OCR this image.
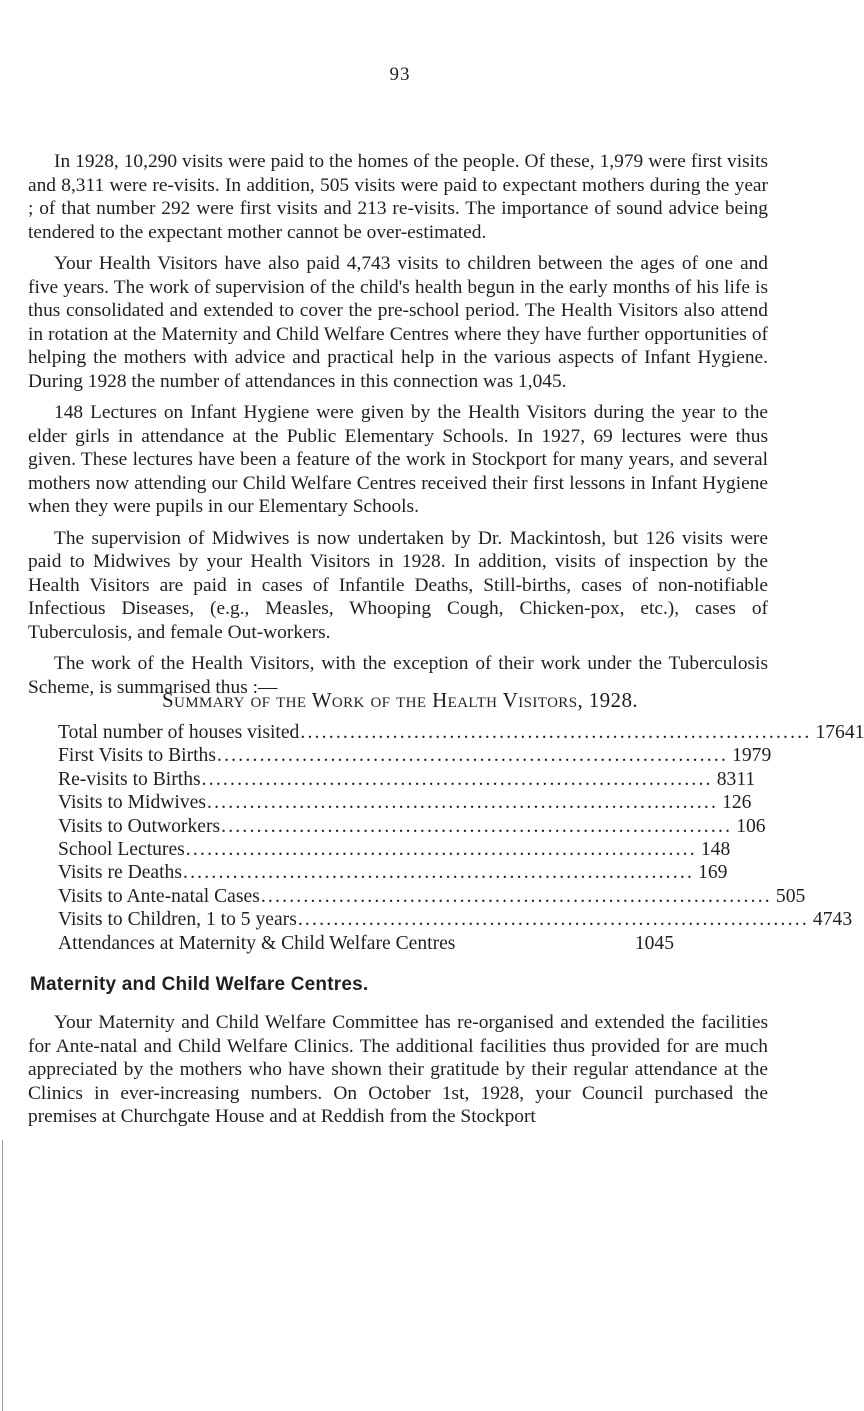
93

In 1928, 10,290 visits were paid to the homes of the people. Of these, 1,979 were first visits and 8,311 were re-visits. In addition, 505 visits were paid to expectant mothers during the year ; of that number 292 were first visits and 213 re-visits. The importance of sound advice being tendered to the expectant mother cannot be over-estimated.

Your Health Visitors have also paid 4,743 visits to children between the ages of one and five years. The work of supervision of the child's health begun in the early months of his life is thus consolidated and extended to cover the pre-school period. The Health Visitors also attend in rotation at the Maternity and Child Welfare Centres where they have further opportunities of helping the mothers with advice and practical help in the various aspects of Infant Hygiene. During 1928 the number of attendances in this connection was 1,045.

148 Lectures on Infant Hygiene were given by the Health Visitors during the year to the elder girls in attendance at the Public Elementary Schools. In 1927, 69 lectures were thus given. These lectures have been a feature of the work in Stockport for many years, and several mothers now attending our Child Welfare Centres received their first lessons in Infant Hygiene when they were pupils in our Elementary Schools.

The supervision of Midwives is now undertaken by Dr. Mackintosh, but 126 visits were paid to Midwives by your Health Visitors in 1928. In addition, visits of inspection by the Health Visitors are paid in cases of Infantile Deaths, Still-births, cases of non-notifiable Infectious Diseases, (e.g., Measles, Whooping Cough, Chicken-pox, etc.), cases of Tuberculosis, and female Out-workers.

The work of the Health Visitors, with the exception of their work under the Tuberculosis Scheme, is summarised thus :—

Summary of the Work of the Health Visitors, 1928.
Total number of houses visited ........................................................................ 17641
First Visits to Births ........................................................................ 1979
Re-visits to Births ........................................................................ 8311
Visits to Midwives ........................................................................ 126
Visits to Outworkers ........................................................................ 106
School Lectures ........................................................................ 148
Visits re Deaths ........................................................................ 169
Visits to Ante-natal Cases ........................................................................ 505
Visits to Children, 1 to 5 years ........................................................................ 4743
Attendances at Maternity & Child Welfare Centres	1045
Maternity and Child Welfare Centres.

Your Maternity and Child Welfare Committee has re-organised and extended the facilities for Ante-natal and Child Welfare Clinics. The additional facilities thus provided for are much appreciated by the mothers who have shown their gratitude by their regular attendance at the Clinics in ever-increasing numbers. On October 1st, 1928, your Council purchased the premises at Churchgate House and at Reddish from the Stockport
